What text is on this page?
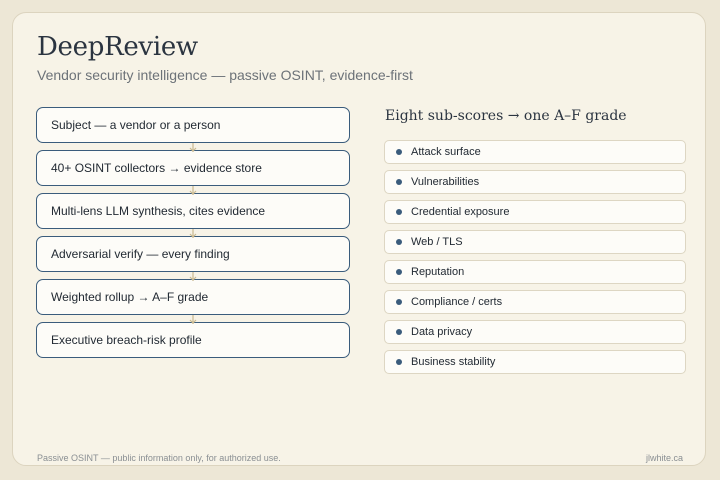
DeepReview
Vendor security intelligence — passive OSINT, evidence-first
Subject — a vendor or a person
40+ OSINT collectors → evidence store
Multi-lens LLM synthesis, cites evidence
Adversarial verify — every finding
Weighted rollup → A–F grade
Executive breach-risk profile
Eight sub-scores → one A–F grade
Attack surface
Vulnerabilities
Credential exposure
Web / TLS
Reputation
Compliance / certs
Data privacy
Business stability
Passive OSINT — public information only, for authorized use.	jlwhite.ca
